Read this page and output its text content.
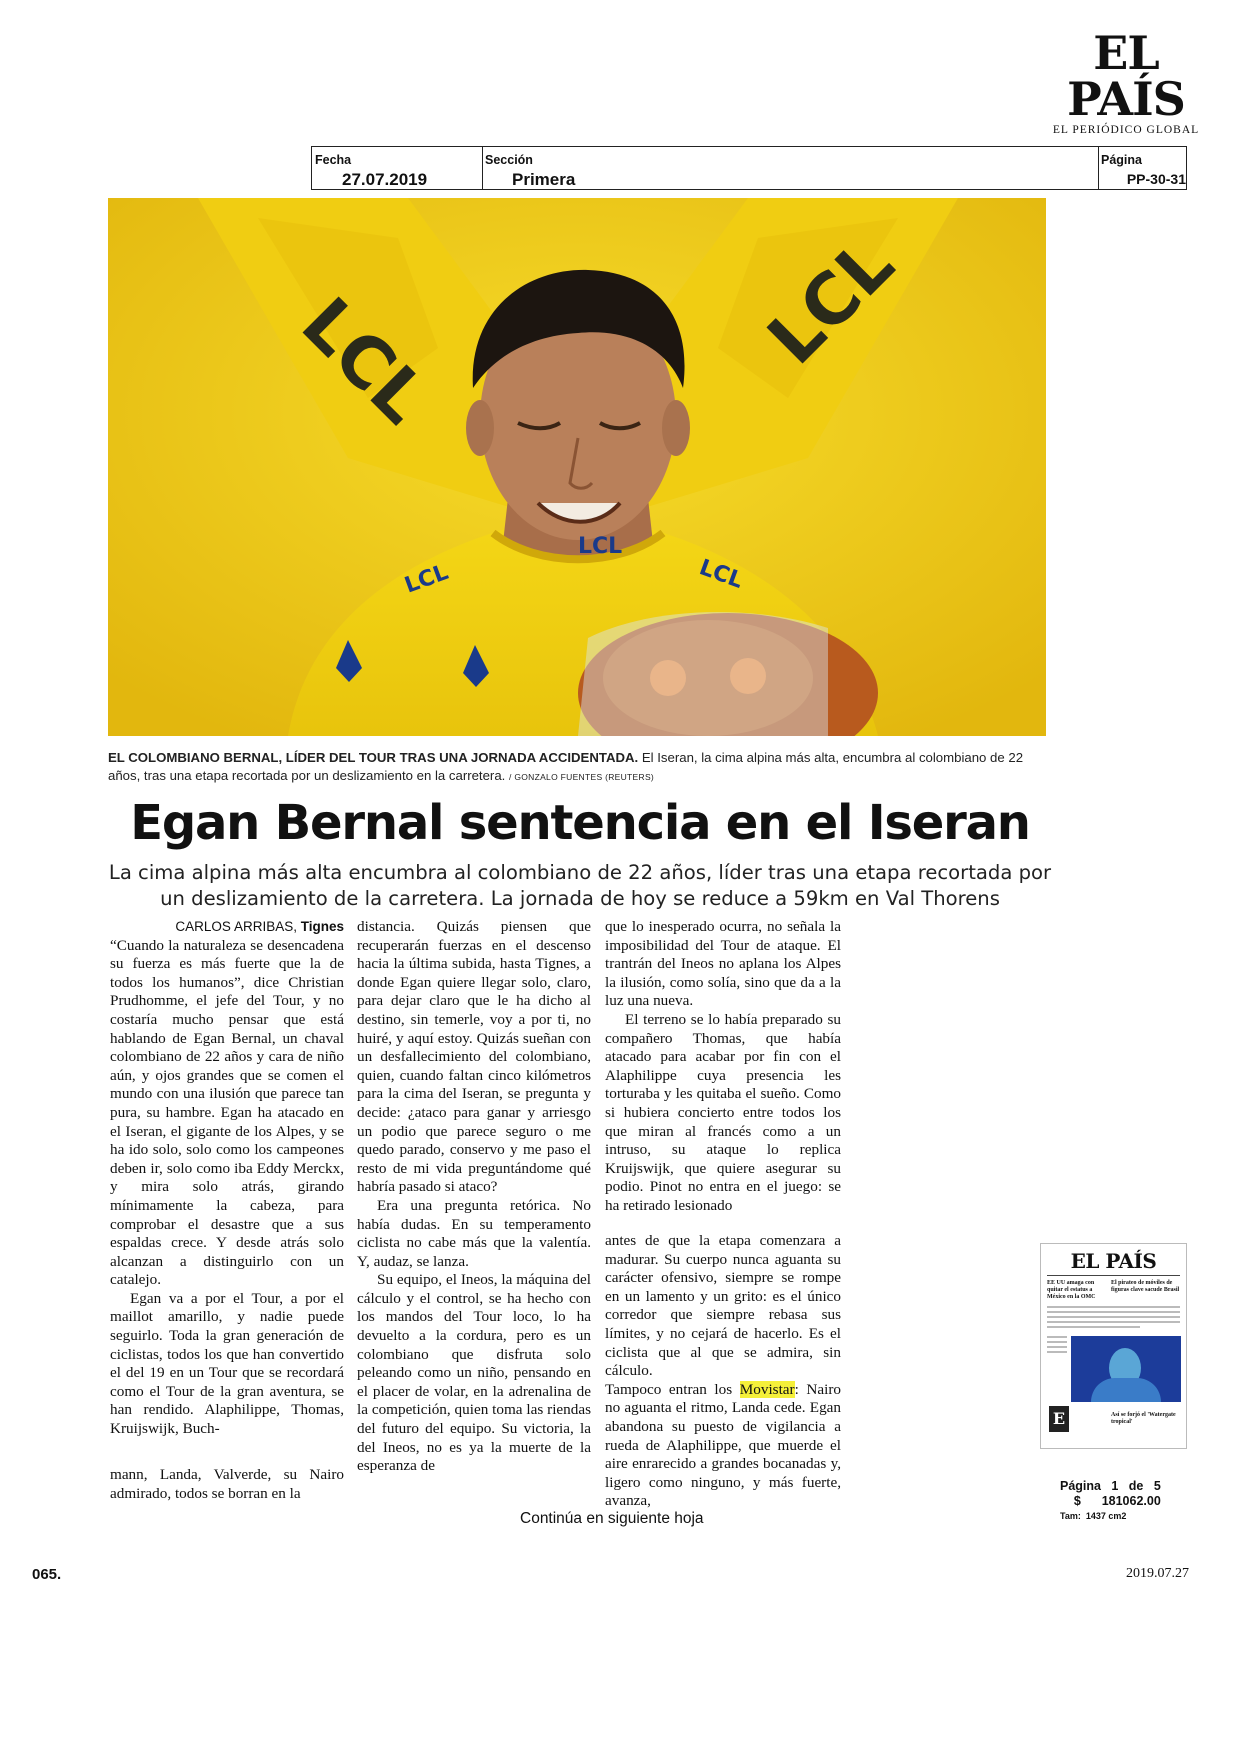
EL PAÍS
EL PERIÓDICO GLOBAL
Fecha
27.07.2019
Sección
Primera
Página
PP-30-31
LCL	LCL
LCL
LCL
LCL
EL COLOMBIANO BERNAL, LÍDER DEL TOUR TRAS UNA JORNADA ACCIDENTADA. El Iseran, la cima alpina más alta, encumbra al colombiano de 22 años, tras una etapa recortada por un deslizamiento en la carretera. / GONZALO FUENTES (REUTERS)
Egan Bernal sentencia en el Iseran
La cima alpina más alta encumbra al colombiano de 22 años, líder tras una etapa recortada por un deslizamiento de la carretera. La jornada de hoy se reduce a 59km en Val Thorens
CARLOS ARRIBAS, Tignes

“Cuando la naturaleza se desencadena su fuerza es más fuerte que la de todos los humanos”, dice Christian Prudhomme, el jefe del Tour, y no costaría mucho pensar que está hablando de Egan Bernal, un chaval colombiano de 22 años y cara de niño aún, y ojos grandes que se comen el mundo con una ilusión que parece tan pura, su hambre. Egan ha atacado en el Iseran, el gigante de los Alpes, y se ha ido solo, solo como los campeones deben ir, solo como iba Eddy Merckx, y mira solo atrás, girando mínimamente la cabeza, para comprobar el desastre que a sus espaldas crece. Y desde atrás solo alcanzan a distinguirlo con un catalejo.

Egan va a por el Tour, a por el maillot amarillo, y nadie puede seguirlo. Toda la gran generación de ciclistas, todos los que han convertido el del 19 en un Tour que se recordará como el Tour de la gran aventura, se han rendido. Alaphilippe, Thomas, Kruijswijk, Buch-

mann, Landa, Valverde, su Nairo admirado, todos se borran en la

distancia. Quizás piensen que recuperarán fuerzas en el descenso hacia la última subida, hasta Tignes, a donde Egan quiere llegar solo, claro, para dejar claro que le ha dicho al destino, sin temerle, voy a por ti, no huiré, y aquí estoy. Quizás sueñan con un desfallecimiento del colombiano, quien, cuando faltan cinco kilómetros para la cima del Iseran, se pregunta y decide: ¿ataco para ganar y arriesgo un podio que parece seguro o me quedo parado, conservo y me paso el resto de mi vida preguntándome qué habría pasado si ataco?

Era una pregunta retórica. No había dudas. En su temperamento ciclista no cabe más que la valentía. Y, audaz, se lanza.

Su equipo, el Ineos, la máquina del cálculo y el control, se ha hecho con los mandos del Tour loco, lo ha devuelto a la cordura, pero es un colombiano que disfruta solo peleando como un niño, pensando en el placer de volar, en la adrenalina de la competición, quien toma las riendas del futuro del equipo. Su victoria, la del Ineos, no es ya la muerte de la esperanza de

que lo inesperado ocurra, no señala la imposibilidad del Tour de ataque. El trantrán del Ineos no aplana los Alpes la ilusión, como solía, sino que da a la luz una nueva.

El terreno se lo había preparado su compañero Thomas, que había atacado para acabar por fin con el Alaphilippe cuya presencia les torturaba y les quitaba el sueño. Como si hubiera concierto entre todos los que miran al francés como a un intruso, su ataque lo replica Kruijswijk, que quiere asegurar su podio. Pinot no entra en el juego: se ha retirado lesionado

antes de que la etapa comenzara a madurar. Su cuerpo nunca aguanta su carácter ofensivo, siempre se rompe en un lamento y un grito: es el único corredor que siempre rebasa sus límites, y no cejará de hacerlo. Es el ciclista que al que se admira, sin cálculo.

Tampoco entran los Movistar: Nairo no aguanta el ritmo, Landa cede. Egan abandona su puesto de vigilancia a rueda de Alaphilippe, que muerde el aire enrarecido a grandes bocanadas y, ligero como ninguno, y más fuerte, avanza,

Continúa en siguiente hoja
EL PAÍS
EE UU amaga con quitar el estatus a México en la OMC
El pirateo de móviles de figuras clave sacude Brasil
E	Así se forjó el 'Watergate tropical'
Página 1 de 5
$ 181062.00
Tam: 1437 cm2
065.	2019.07.27
